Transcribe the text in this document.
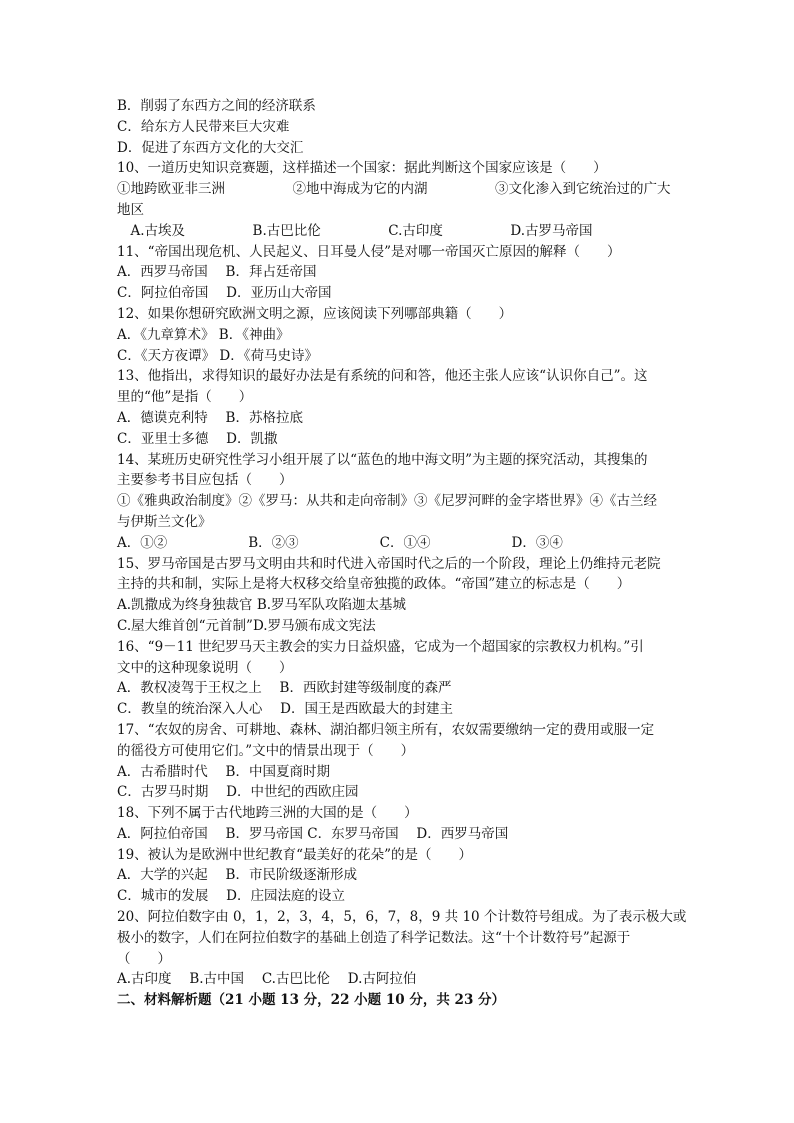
B．削弱了东西方之间的经济联系
C．给东方人民带来巨大灾难
D．促进了东西方文化的大交汇
10、一道历史知识竞赛题，这样描述一个国家：据此判断这个国家应该是（　　）
①地跨欧亚非三洲　　　　　②地中海成为它的内湖　　　　　③文化渗入到它统治过的广大
地区
　A.古埃及　　　　　B.古巴比伦　　　　　C.古印度　　　　　D.古罗马帝国
11、“帝国出现危机、人民起义、日耳曼人侵”是对哪一帝国灭亡原因的解释（　　）
A．西罗马帝国　 B．拜占廷帝国
C．阿拉伯帝国　 D．亚历山大帝国
12、如果你想研究欧洲文明之源，应该阅读下列哪部典籍（　　）
A．《九章算术》 B．《神曲》
C．《天方夜谭》 D．《荷马史诗》
13、他指出，求得知识的最好办法是有系统的问和答，他还主张人应该“认识你自己”。这
里的“他”是指（　　）
A．德谟克利特　 B．苏格拉底
C．亚里士多德　 D．凯撒
14、某班历史研究性学习小组开展了以“蓝色的地中海文明”为主题的探究活动，其搜集的
主要参考书目应包括（　　）
①《雅典政治制度》②《罗马：从共和走向帝制》③《尼罗河畔的金字塔世界》④《古兰经
与伊斯兰文化》
A．①②　　　　　　B．②③　　　　　　C．①④　　　　　　D．③④
15、罗马帝国是古罗马文明由共和时代进入帝国时代之后的一个阶段，理论上仍维持元老院
主持的共和制，实际上是将大权移交给皇帝独揽的政体。“帝国”建立的标志是（　　）
A.凯撒成为终身独裁官 B.罗马军队攻陷迦太基城
C.屋大维首创“元首制”D.罗马颁布成文宪法
16、“9－11 世纪罗马天主教会的实力日益炽盛，它成为一个超国家的宗教权力机构。”引
文中的这种现象说明（　　）
A．教权凌驾于王权之上　 B．西欧封建等级制度的森严
C．教皇的统治深入人心　 D．国王是西欧最大的封建主
17、“农奴的房舍、可耕地、森林、湖泊都归领主所有，农奴需要缴纳一定的费用或服一定
的徭役方可使用它们。”文中的情景出现于（　　）
A．古希腊时代　 B．中国夏商时期
C．古罗马时期　 D．中世纪的西欧庄园
18、下列不属于古代地跨三洲的大国的是（　　）
A．阿拉伯帝国　 B．罗马帝国 C．东罗马帝国　 D．西罗马帝国
19、被认为是欧洲中世纪教育“最美好的花朵”的是（　　）
A．大学的兴起　 B．市民阶级逐渐形成
C．城市的发展　 D．庄园法庭的设立
20、阿拉伯数字由 0，1，2，3，4，5，6，7，8，9 共 10 个计数符号组成。为了表示极大或
极小的数字，人们在阿拉伯数字的基础上创造了科学记数法。这“十个计数符号”起源于
（　　）
A.古印度　 B.古中国　 C.古巴比伦　 D.古阿拉伯
二、材料解析题（21 小题 13 分，22 小题 10 分，共 23 分）
